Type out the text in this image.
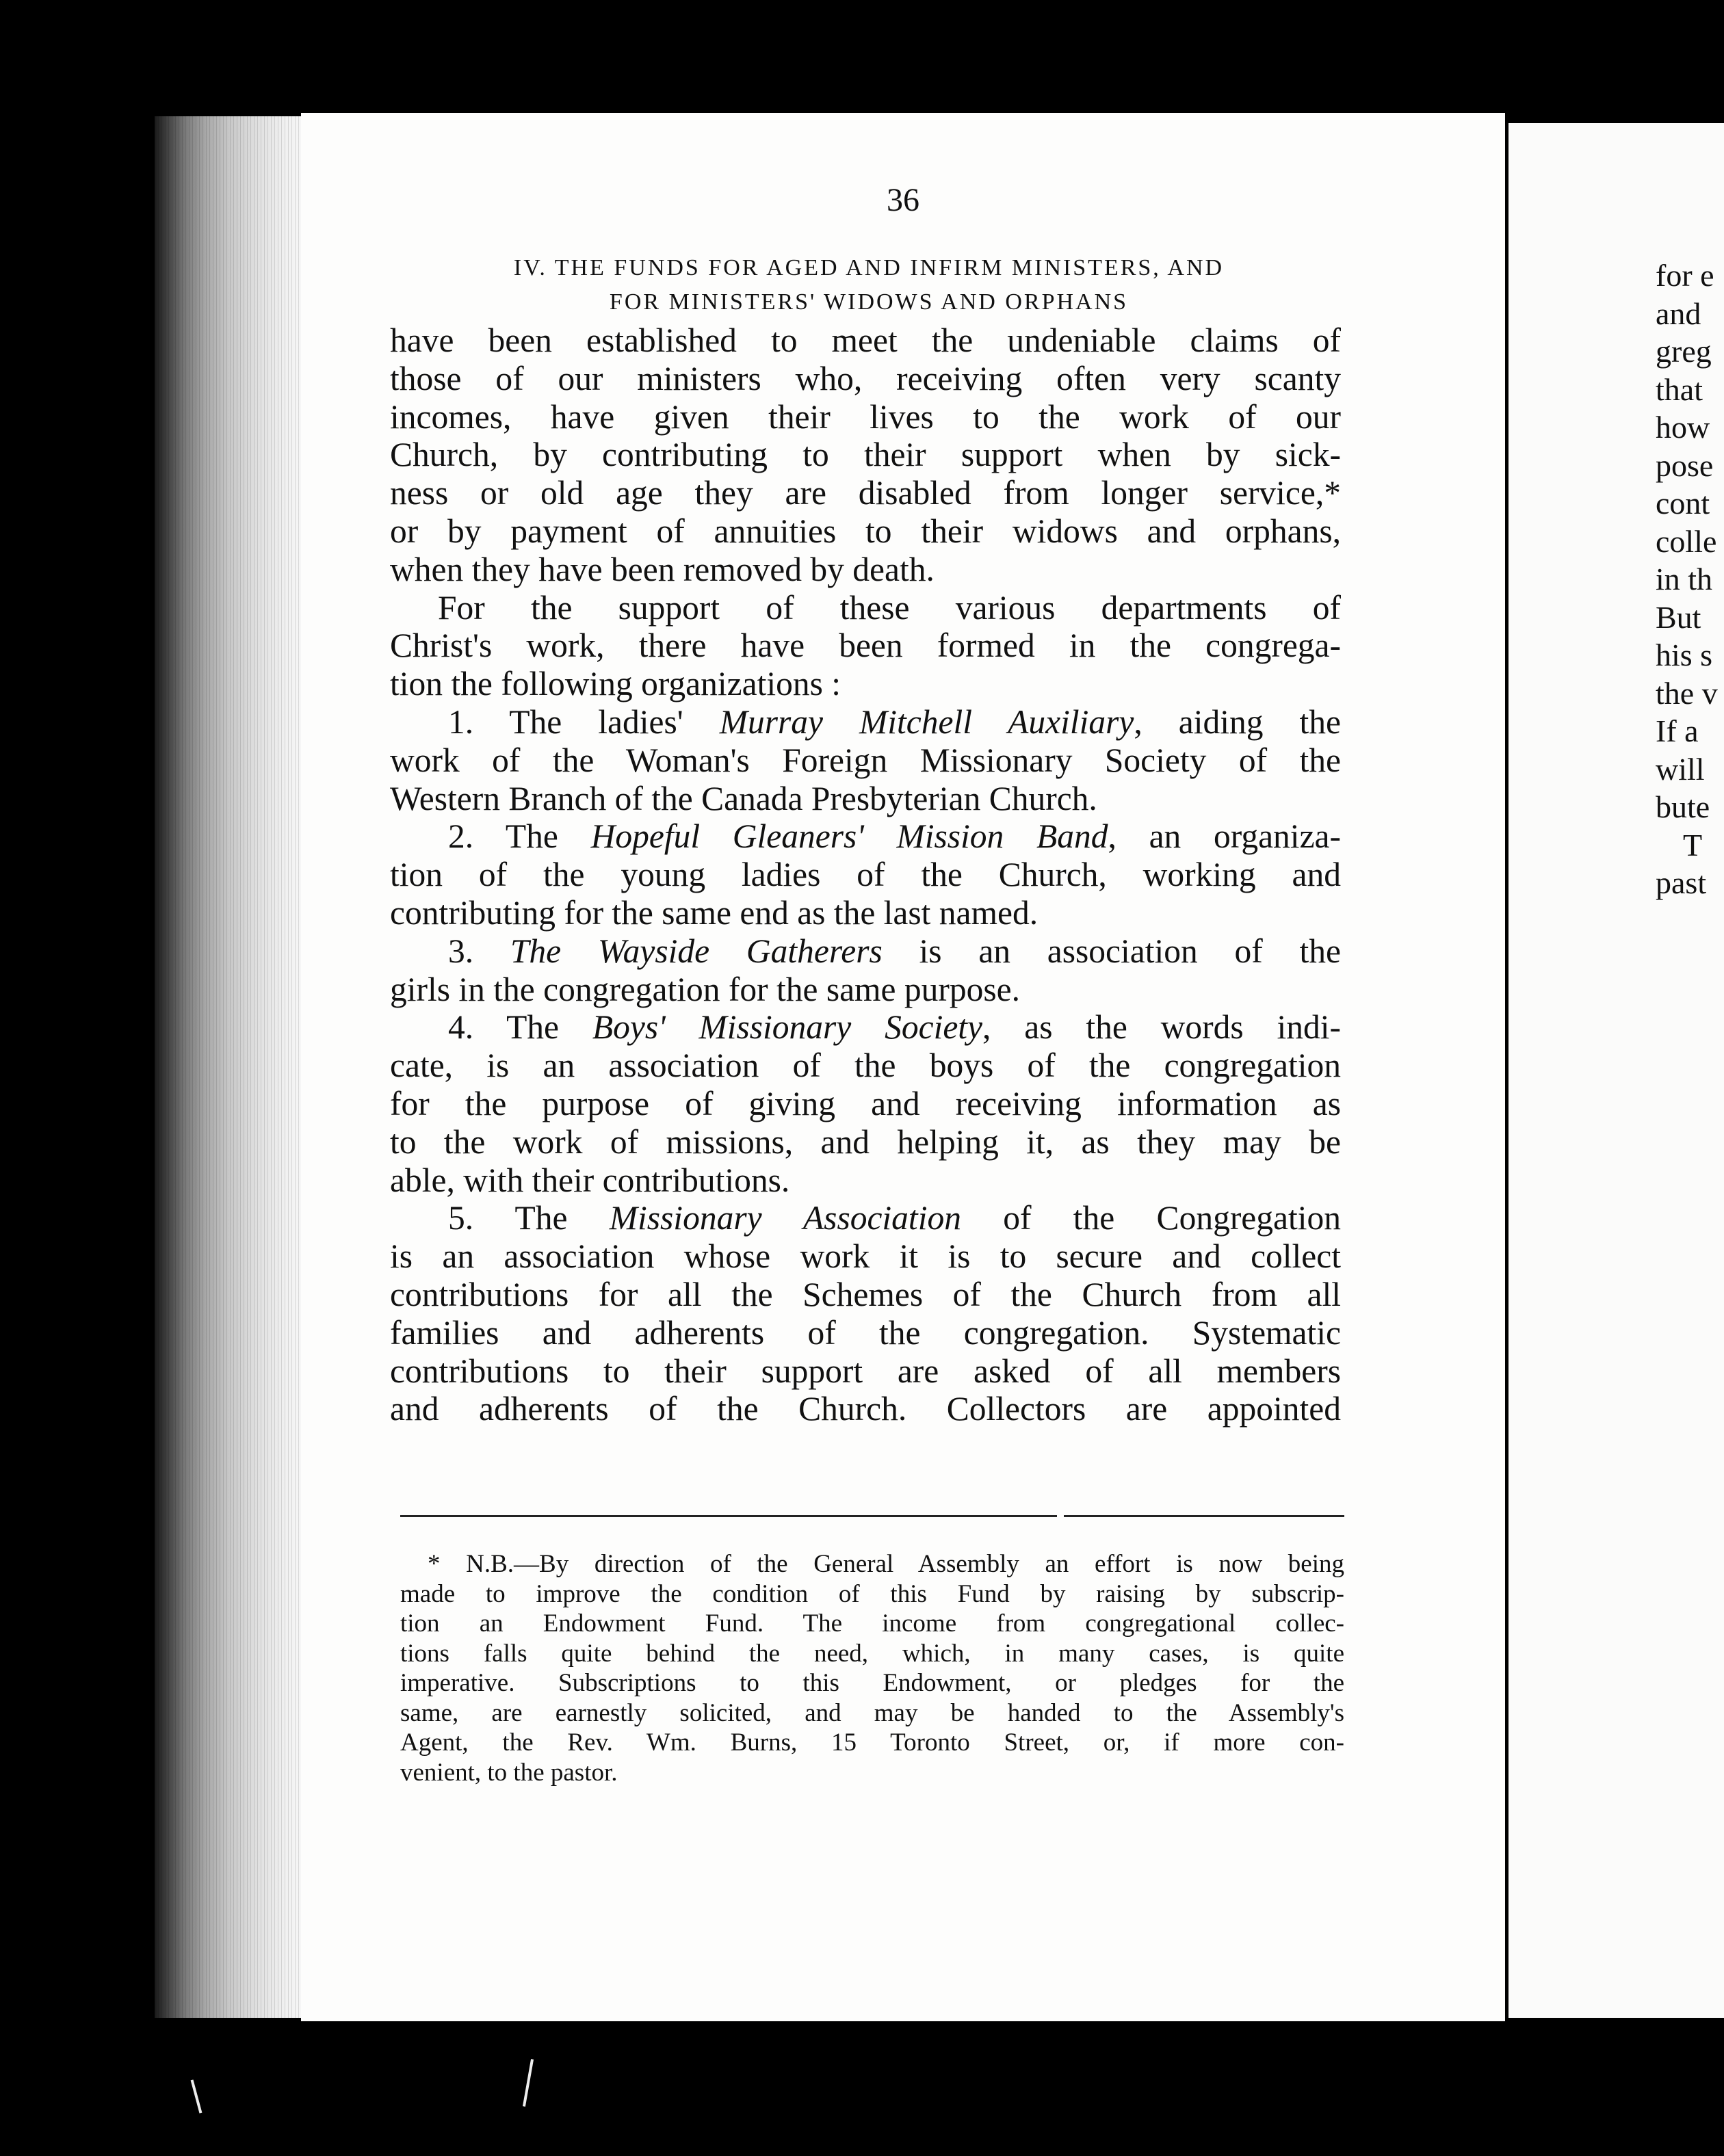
36
IV. THE FUNDS FOR AGED AND INFIRM MINISTERS, AND
FOR MINISTERS' WIDOWS AND ORPHANS
have been established to meet the undeniable claims of
those of our ministers who, receiving often very scanty
incomes, have given their lives to the work of our
Church, by contributing to their support when by sick-
ness or old age they are disabled from longer service,*
or by payment of annuities to their widows and orphans,
when they have been removed by death.
For the support of these various departments of
Christ's work, there have been formed in the congrega-
tion the following organizations :
1. The ladies' Murray Mitchell Auxiliary, aiding the
work of the Woman's Foreign Missionary Society of the
Western Branch of the Canada Presbyterian Church.
2. The Hopeful Gleaners' Mission Band, an organiza-
tion of the young ladies of the Church, working and
contributing for the same end as the last named.
3. The Wayside Gatherers is an association of the
girls in the congregation for the same purpose.
4. The Boys' Missionary Society, as the words indi-
cate, is an association of the boys of the congregation
for the purpose of giving and receiving information as
to the work of missions, and helping it, as they may be
able, with their contributions.
5. The Missionary Association of the Congregation
is an association whose work it is to secure and collect
contributions for all the Schemes of the Church from all
families and adherents of the congregation. Systematic
contributions to their support are asked of all members
and adherents of the Church. Collectors are appointed
* N.B.—By direction of the General Assembly an effort is now being
made to improve the condition of this Fund by raising by subscrip-
tion an Endowment Fund. The income from congregational collec-
tions falls quite behind the need, which, in many cases, is quite
imperative. Subscriptions to this Endowment, or pledges for the
same, are earnestly solicited, and may be handed to the Assembly's
Agent, the Rev. Wm. Burns, 15 Toronto Street, or, if more con-
venient, to the pastor.
for e
and
greg
that
how
pose
cont
colle
in th
But
his s
the v
If a
will
bute
T
past
